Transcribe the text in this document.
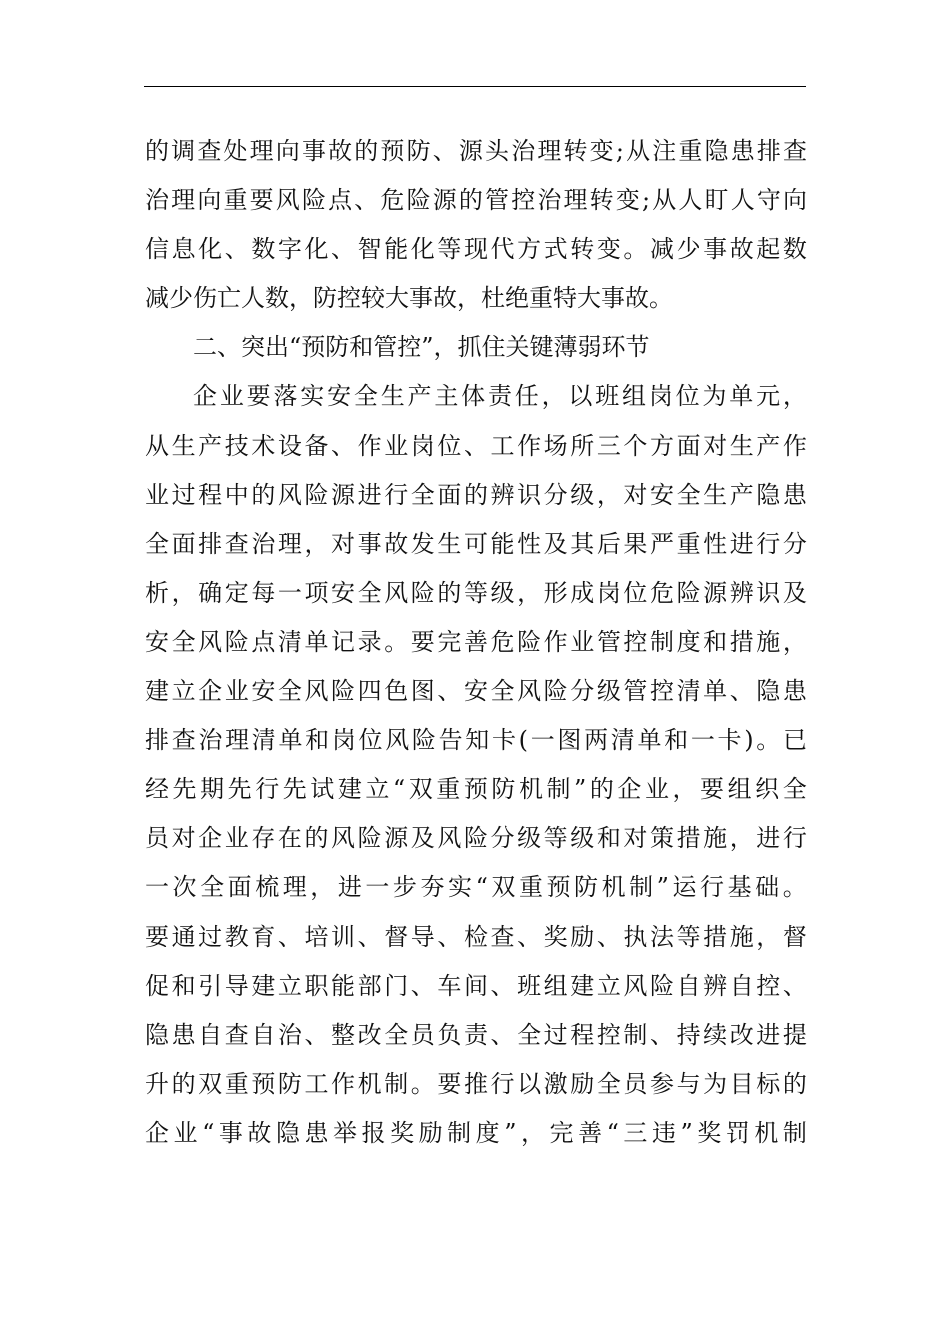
的 调 查 处 理 向 事 故 的 预 防 、 源 头 治 理 转 变 ; 从 注 重 隐 患 排 查
治 理 向 重 要 风 险 点 、 危 险 源 的 管 控 治 理 转 变 ; 从 人 盯 人 守 向
信 息 化 、 数 字 化 、 智 能 化 等 现 代 方 式 转 变 。 减 少 事 故 起 数
减少伤亡人数，防控较大事故，杜绝重特大事故。
二、突出“预防和管控”，抓住关键薄弱环节
企 业 要 落 实 安 全 生 产 主 体 责 任 ， 以 班 组 岗 位 为 单 元 ，
从 生 产 技 术 设 备 、 作 业 岗 位 、 工 作 场 所 三 个 方 面 对 生 产 作
业 过 程 中 的 风 险 源 进 行 全 面 的 辨 识 分 级 ， 对 安 全 生 产 隐 患
全 面 排 查 治 理 ， 对 事 故 发 生 可 能 性 及 其 后 果 严 重 性 进 行 分
析 ， 确 定 每 一 项 安 全 风 险 的 等 级 ， 形 成 岗 位 危 险 源 辨 识 及
安 全 风 险 点 清 单 记 录 。 要 完 善 危 险 作 业 管 控 制 度 和 措 施 ，
建 立 企 业 安 全 风 险 四 色 图 、 安 全 风 险 分 级 管 控 清 单 、 隐 患
排 查 治 理 清 单 和 岗 位 风 险 告 知 卡 ( 一 图 两 清 单 和 一 卡 ) 。 已
经 先 期 先 行 先 试 建 立 “ 双 重 预 防 机 制 ” 的 企 业 ， 要 组 织 全
员 对 企 业 存 在 的 风 险 源 及 风 险 分 级 等 级 和 对 策 措 施 ， 进 行
一 次 全 面 梳 理 ， 进 一 步 夯 实 “ 双 重 预 防 机 制 ” 运 行 基 础 。
要 通 过 教 育 、 培 训 、 督 导 、 检 查 、 奖 励 、 执 法 等 措 施 ， 督
促 和 引 导 建 立 职 能 部 门 、 车 间 、 班 组 建 立 风 险 自 辨 自 控 、
隐 患 自 查 自 治 、 整 改 全 员 负 责 、 全 过 程 控 制 、 持 续 改 进 提
升 的 双 重 预 防 工 作 机 制 。 要 推 行 以 激 励 全 员 参 与 为 目 标 的
企 业 “ 事 故 隐 患 举 报 奖 励 制 度 ” ， 完 善 “ 三 违 ” 奖 罚 机 制
